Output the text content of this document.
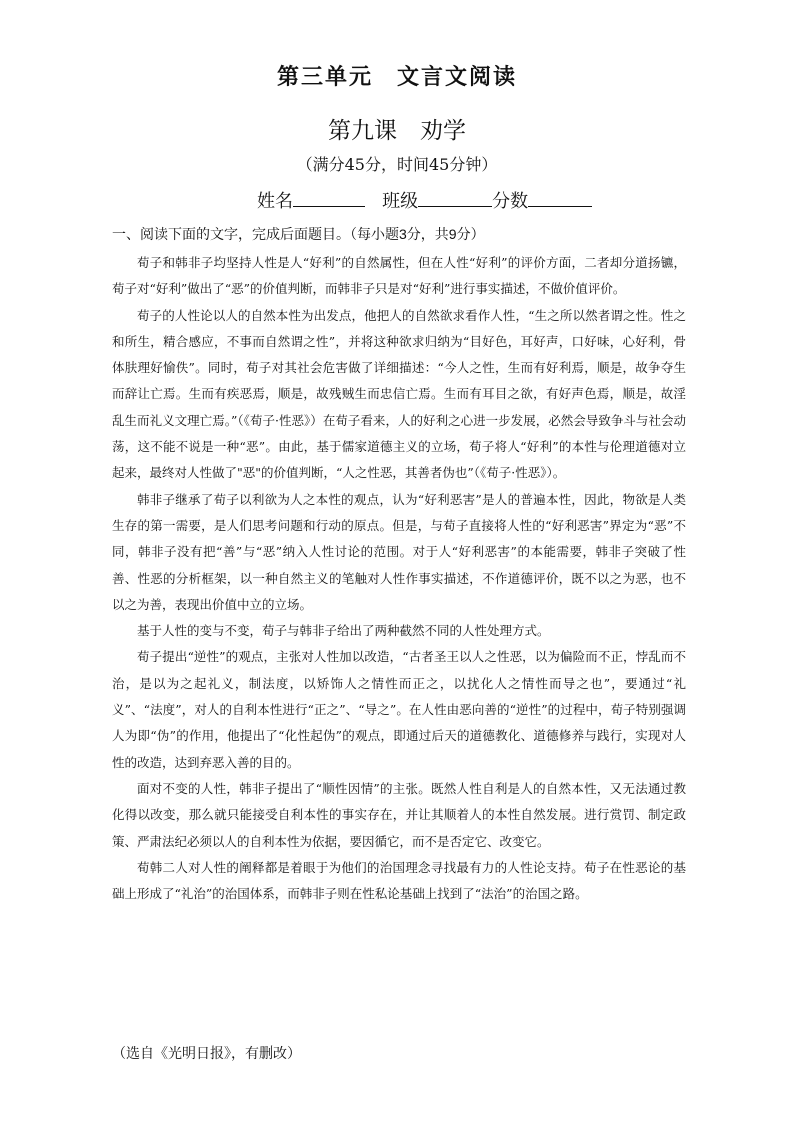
第三单元　文言文阅读
第九课　劝学
（满分45分，时间45分钟）
姓名	班级	分数
一、阅读下面的文字，完成后面题目。（每小题3分，共9分）

荀子和韩非子均坚持人性是人“好利”的自然属性，但在人性“好利”的评价方面，二者却分道扬镳，荀子对“好利”做出了“恶”的价值判断，而韩非子只是对“好利”进行事实描述，不做价值评价。

荀子的人性论以人的自然本性为出发点，他把人的自然欲求看作人性，“生之所以然者谓之性。性之和所生，精合感应，不事而自然谓之性”，并将这种欲求归纳为“目好色，耳好声，口好味，心好利，骨体肤理好愉佚”。同时，荀子对其社会危害做了详细描述：“今人之性，生而有好利焉，顺是，故争夺生而辞让亡焉。生而有疾恶焉，顺是，故残贼生而忠信亡焉。生而有耳目之欲，有好声色焉，顺是，故淫乱生而礼义文理亡焉。”（《荀子·性恶》）在荀子看来，人的好利之心进一步发展，必然会导致争斗与社会动荡，这不能不说是一种“恶”。由此，基于儒家道德主义的立场，荀子将人“好利”的本性与伦理道德对立起来，最终对人性做了"恶"的价值判断，“人之性恶，其善者伪也”（《荀子·性恶》）。

韩非子继承了荀子以利欲为人之本性的观点，认为“好利恶害”是人的普遍本性，因此，物欲是人类生存的第一需要，是人们思考问题和行动的原点。但是，与荀子直接将人性的“好利恶害”界定为“恶”不同，韩非子没有把“善”与“恶”纳入人性讨论的范围。对于人“好利恶害”的本能需要，韩非子突破了性善、性恶的分析框架，以一种自然主义的笔触对人性作事实描述，不作道德评价，既不以之为恶，也不以之为善，表现出价值中立的立场。

基于人性的变与不变，荀子与韩非子给出了两种截然不同的人性处理方式。

荀子提出“逆性”的观点，主张对人性加以改造，“古者圣王以人之性恶，以为偏险而不正，悖乱而不治，是以为之起礼义，制法度，以矫饰人之情性而正之，以扰化人之情性而导之也”，要通过“礼义”、“法度”，对人的自利本性进行“正之”、“导之”。在人性由恶向善的“逆性”的过程中，荀子特别强调人为即“伪”的作用，他提出了“化性起伪”的观点，即通过后天的道德教化、道德修养与践行，实现对人性的改造，达到弃恶入善的目的。

面对不变的人性，韩非子提出了“顺性因情”的主张。既然人性自利是人的自然本性，又无法通过教化得以改变，那么就只能接受自利本性的事实存在，并让其顺着人的本性自然发展。进行赏罚、制定政策、严肃法纪必须以人的自利本性为依据，要因循它，而不是否定它、改变它。

荀韩二人对人性的阐释都是着眼于为他们的治国理念寻找最有力的人性论支持。荀子在性恶论的基础上形成了“礼治”的治国体系，而韩非子则在性私论基础上找到了“法治”的治国之路。

（选自《光明日报》，有删改）
